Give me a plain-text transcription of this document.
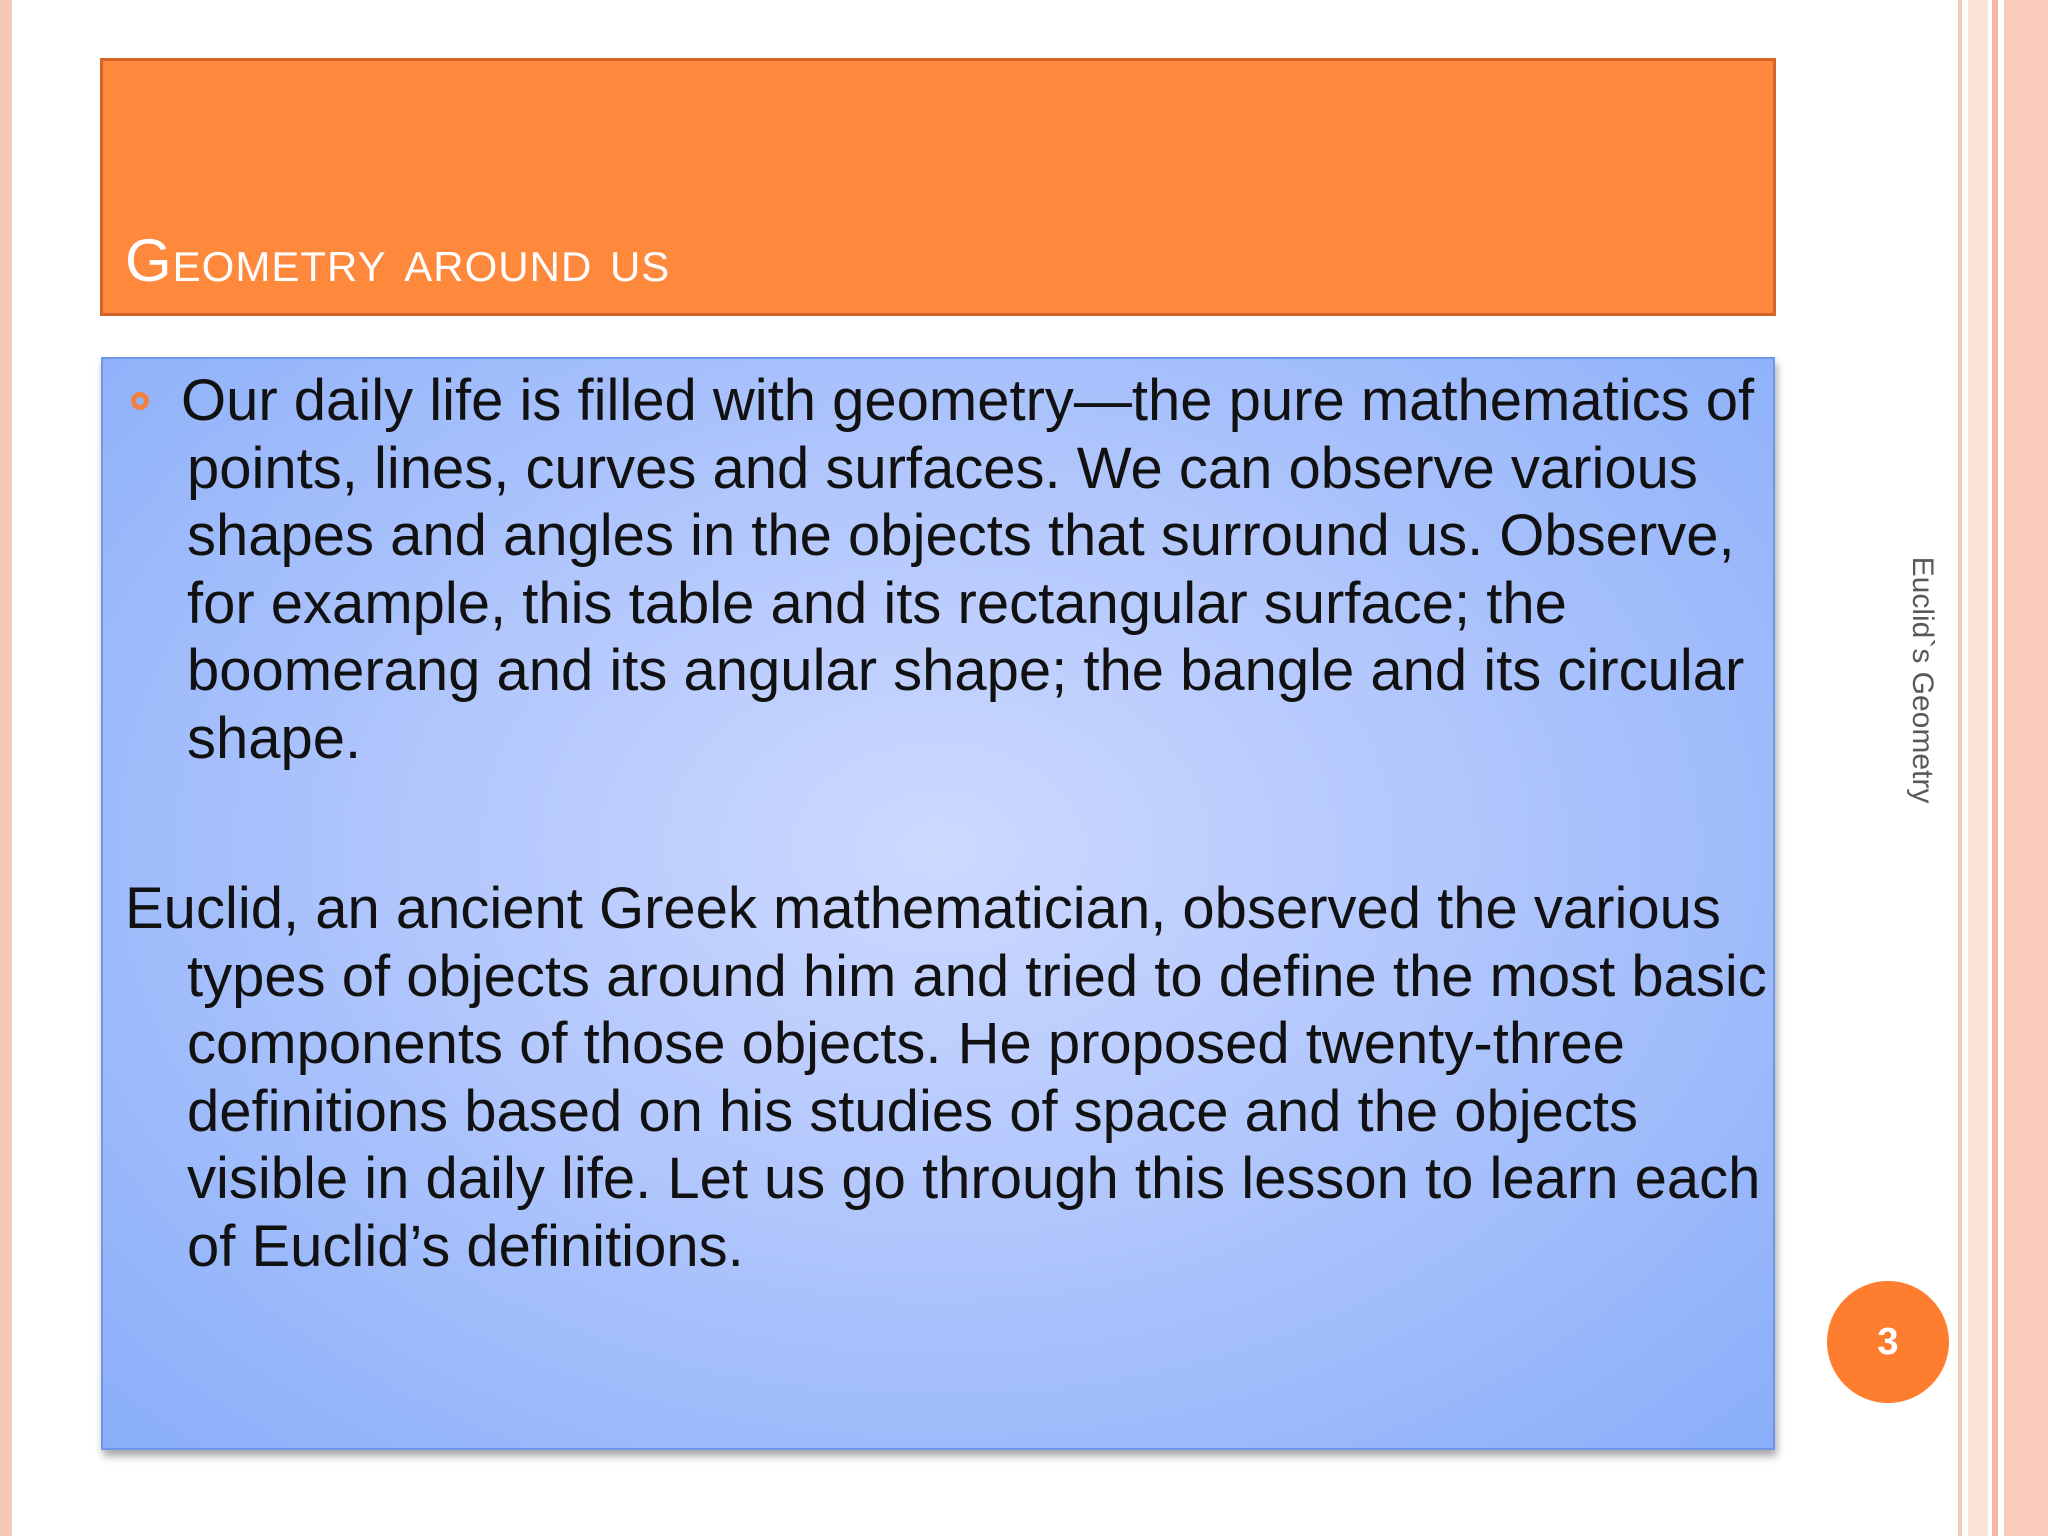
Geometry around us
Our daily life is filled with geometry—the pure mathematics of points, lines, curves and surfaces. We can observe various shapes and angles in the objects that surround us. Observe, for example, this table and its rectangular surface; the boomerang and its angular shape; the bangle and its circular shape.
Euclid, an ancient Greek mathematician, observed the various types of objects around him and tried to define the most basic components of those objects. He proposed twenty-three definitions based on his studies of space and the objects visible in daily life. Let us go through this lesson to learn each of Euclid’s definitions.
Euclid`s Geometry
3
